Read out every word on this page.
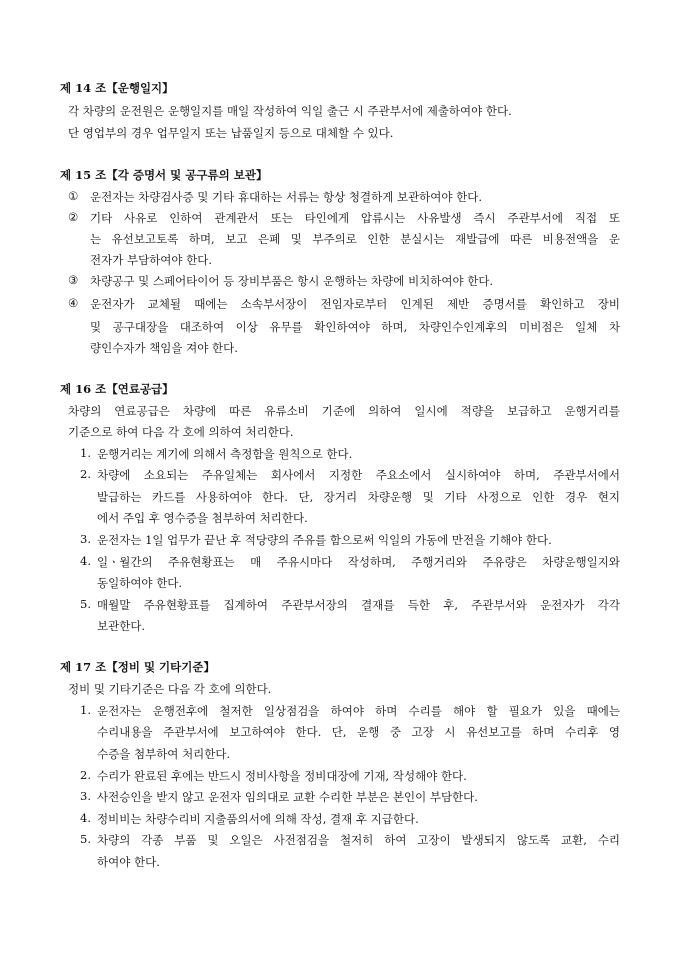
제 14 조【운행일지】
각 차량의 운전원은 운행일지를 매일 작성하여 익일 출근 시 주관부서에 제출하여야 한다.
단 영업부의 경우 업무일지 또는 납품일지 등으로 대체할 수 있다.
제 15 조【각 증명서 및 공구류의 보관】
① 운전자는 차량검사증 및 기타 휴대하는 서류는 항상 청결하게 보관하여야 한다.
② 기타 사유로 인하여 관계관서 또는 타인에게 압류시는 사유발생 즉시 주관부서에 직접 또
는 유선보고토록 하며, 보고 은폐 및 부주의로 인한 분실시는 재발급에 따른 비용전액을 운
전자가 부담하여야 한다.
③ 차량공구 및 스페어타이어 등 장비부품은 항시 운행하는 차량에 비치하여야 한다.
④ 운전자가 교체될 때에는 소속부서장이 전임자로부터 인계된 제반 증명서를 확인하고 장비
및 공구대장을 대조하여 이상 유무를 확인하여야 하며, 차량인수인계후의 미비점은 일체 차
량인수자가 책임을 져야 한다.
제 16 조【연료공급】
차량의 연료공급은 차량에 따른 유류소비 기준에 의하여 일시에 적량을 보급하고 운행거리를
기준으로 하여 다음 각 호에 의하여 처리한다.
1. 운행거리는 계기에 의해서 측정함을 원칙으로 한다.
2. 차량에 소요되는 주유일체는 회사에서 지정한 주요소에서 실시하여야 하며, 주관부서에서
발급하는 카드를 사용하여야 한다. 단, 장거리 차량운행 및 기타 사정으로 인한 경우 현지
에서 주입 후 영수증을 첨부하여 처리한다.
3. 운전자는 1일 업무가 끝난 후 적당량의 주유를 함으로써 익일의 가동에 만전을 기해야 한다.
4. 일ㆍ월간의 주유현황표는 매 주유시마다 작성하며, 주행거리와 주유량은 차량운행일지와
동일하여야 한다.
5. 매월말 주유현황표를 집계하여 주관부서장의 결재를 득한 후, 주관부서와 운전자가 각각
보관한다.
제 17 조【정비 및 기타기준】
정비 및 기타기준은 다음 각 호에 의한다.
1. 운전자는 운행전후에 철저한 일상점검을 하여야 하며 수리를 해야 할 필요가 있을 때에는
수리내용을 주관부서에 보고하여야 한다. 단, 운행 중 고장 시 유선보고를 하며 수리후 영
수증을 첨부하여 처리한다.
2. 수리가 완료된 후에는 반드시 정비사항을 정비대장에 기재, 작성해야 한다.
3. 사전승인을 받지 않고 운전자 임의대로 교환 수리한 부분은 본인이 부담한다.
4. 정비비는 차량수리비 지출품의서에 의해 작성, 결재 후 지급한다.
5. 차량의 각종 부품 및 오일은 사전점검을 철저히 하여 고장이 발생되지 않도록 교환, 수리
하여야 한다.
